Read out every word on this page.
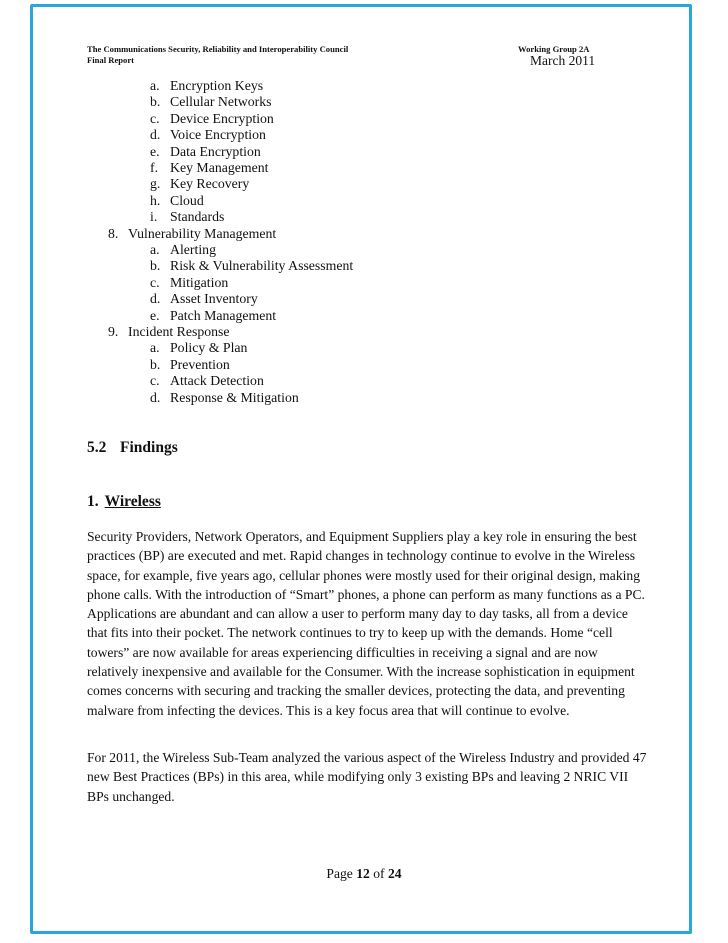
The Communications Security, Reliability and Interoperability Council
Final Report
Working Group 2A
March 2011
a. Encryption Keys
b. Cellular Networks
c. Device Encryption
d. Voice Encryption
e. Data Encryption
f. Key Management
g. Key Recovery
h. Cloud
i. Standards
8. Vulnerability Management
a. Alerting
b. Risk & Vulnerability Assessment
c. Mitigation
d. Asset Inventory
e. Patch Management
9. Incident Response
a. Policy & Plan
b. Prevention
c. Attack Detection
d. Response & Mitigation
5.2 Findings
1. Wireless

Security Providers, Network Operators, and Equipment Suppliers play a key role in ensuring the best practices (BP) are executed and met. Rapid changes in technology continue to evolve in the Wireless space, for example, five years ago, cellular phones were mostly used for their original design, making phone calls. With the introduction of “Smart” phones, a phone can perform as many functions as a PC. Applications are abundant and can allow a user to perform many day to day tasks, all from a device that fits into their pocket. The network continues to try to keep up with the demands. Home “cell towers” are now available for areas experiencing difficulties in receiving a signal and are now relatively inexpensive and available for the Consumer. With the increase sophistication in equipment comes concerns with securing and tracking the smaller devices, protecting the data, and preventing malware from infecting the devices. This is a key focus area that will continue to evolve.

For 2011, the Wireless Sub-Team analyzed the various aspect of the Wireless Industry and provided 47 new Best Practices (BPs) in this area, while modifying only 3 existing BPs and leaving 2 NRIC VII BPs unchanged.

Page 12 of 24
